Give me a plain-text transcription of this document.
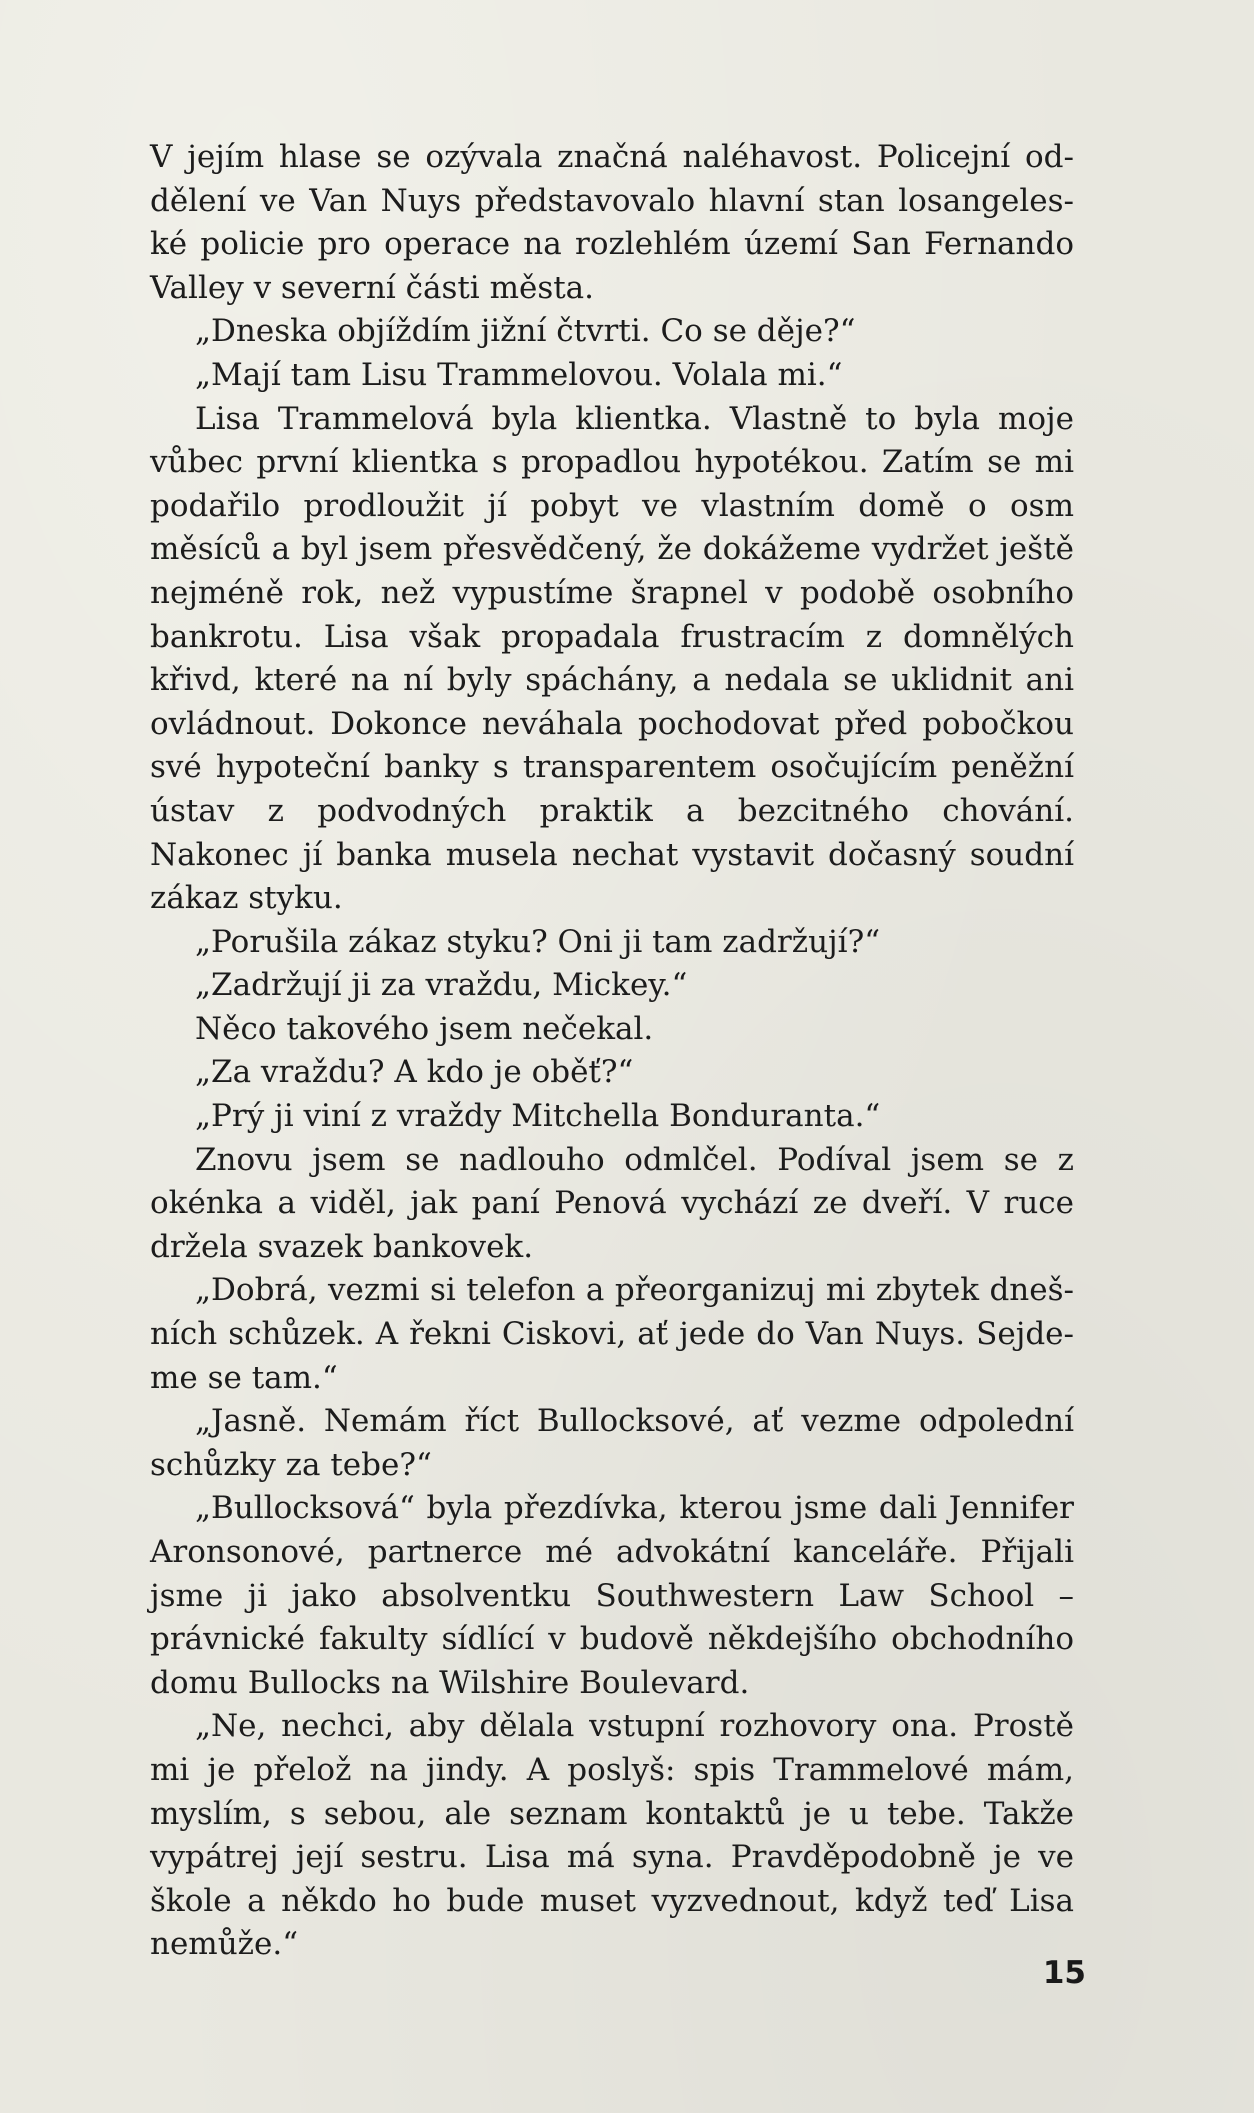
V jejím hlase se ozývala značná naléhavost. Policejní oddělení ve Van Nuys představovalo hlavní stan losangeleské policie pro operace na rozlehlém území San Fernando Valley v severní části města.

„Dneska objíždím jižní čtvrti. Co se děje?“

„Mají tam Lisu Trammelovou. Volala mi.“

Lisa Trammelová byla klientka. Vlastně to byla moje vůbec první klientka s propadlou hypotékou. Zatím se mi podařilo prodloužit jí pobyt ve vlastním domě o osm měsíců a byl jsem přesvědčený, že dokážeme vydržet ještě nejméně rok, než vypustíme šrapnel v podobě osobního bankrotu. Lisa však propadala frustracím z domnělých křivd, které na ní byly spáchány, a nedala se uklidnit ani ovládnout. Dokonce neváhala pochodovat před pobočkou své hypoteční banky s transparentem osočujícím peněžní ústav z podvodných praktik a bezcitného chování. Nakonec jí banka musela nechat vystavit dočasný soudní zákaz styku.

„Porušila zákaz styku? Oni ji tam zadržují?“

„Zadržují ji za vraždu, Mickey.“

Něco takového jsem nečekal.

„Za vraždu? A kdo je oběť?“

„Prý ji viní z vraždy Mitchella Bonduranta.“

Znovu jsem se nadlouho odmlčel. Podíval jsem se z okénka a viděl, jak paní Penová vychází ze dveří. V ruce držela svazek bankovek.

„Dobrá, vezmi si telefon a přeorganizuj mi zbytek dnešních schůzek. A řekni Ciskovi, ať jede do Van Nuys. Sejdeme se tam.“

„Jasně. Nemám říct Bullocksové, ať vezme odpolední schůzky za tebe?“

„Bullocksová“ byla přezdívka, kterou jsme dali Jennifer Aronsonové, partnerce mé advokátní kanceláře. Přijali jsme ji jako absolventku Southwestern Law School – právnické fakulty sídlící v budově někdejšího obchodního domu Bullocks na Wilshire Boulevard.

„Ne, nechci, aby dělala vstupní rozhovory ona. Prostě mi je přelož na jindy. A poslyš: spis Trammelové mám, myslím, s sebou, ale seznam kontaktů je u tebe. Takže vypátrej její sestru. Lisa má syna. Pravděpodobně je ve škole a někdo ho bude muset vyzvednout, když teď Lisa nemůže.“

15
